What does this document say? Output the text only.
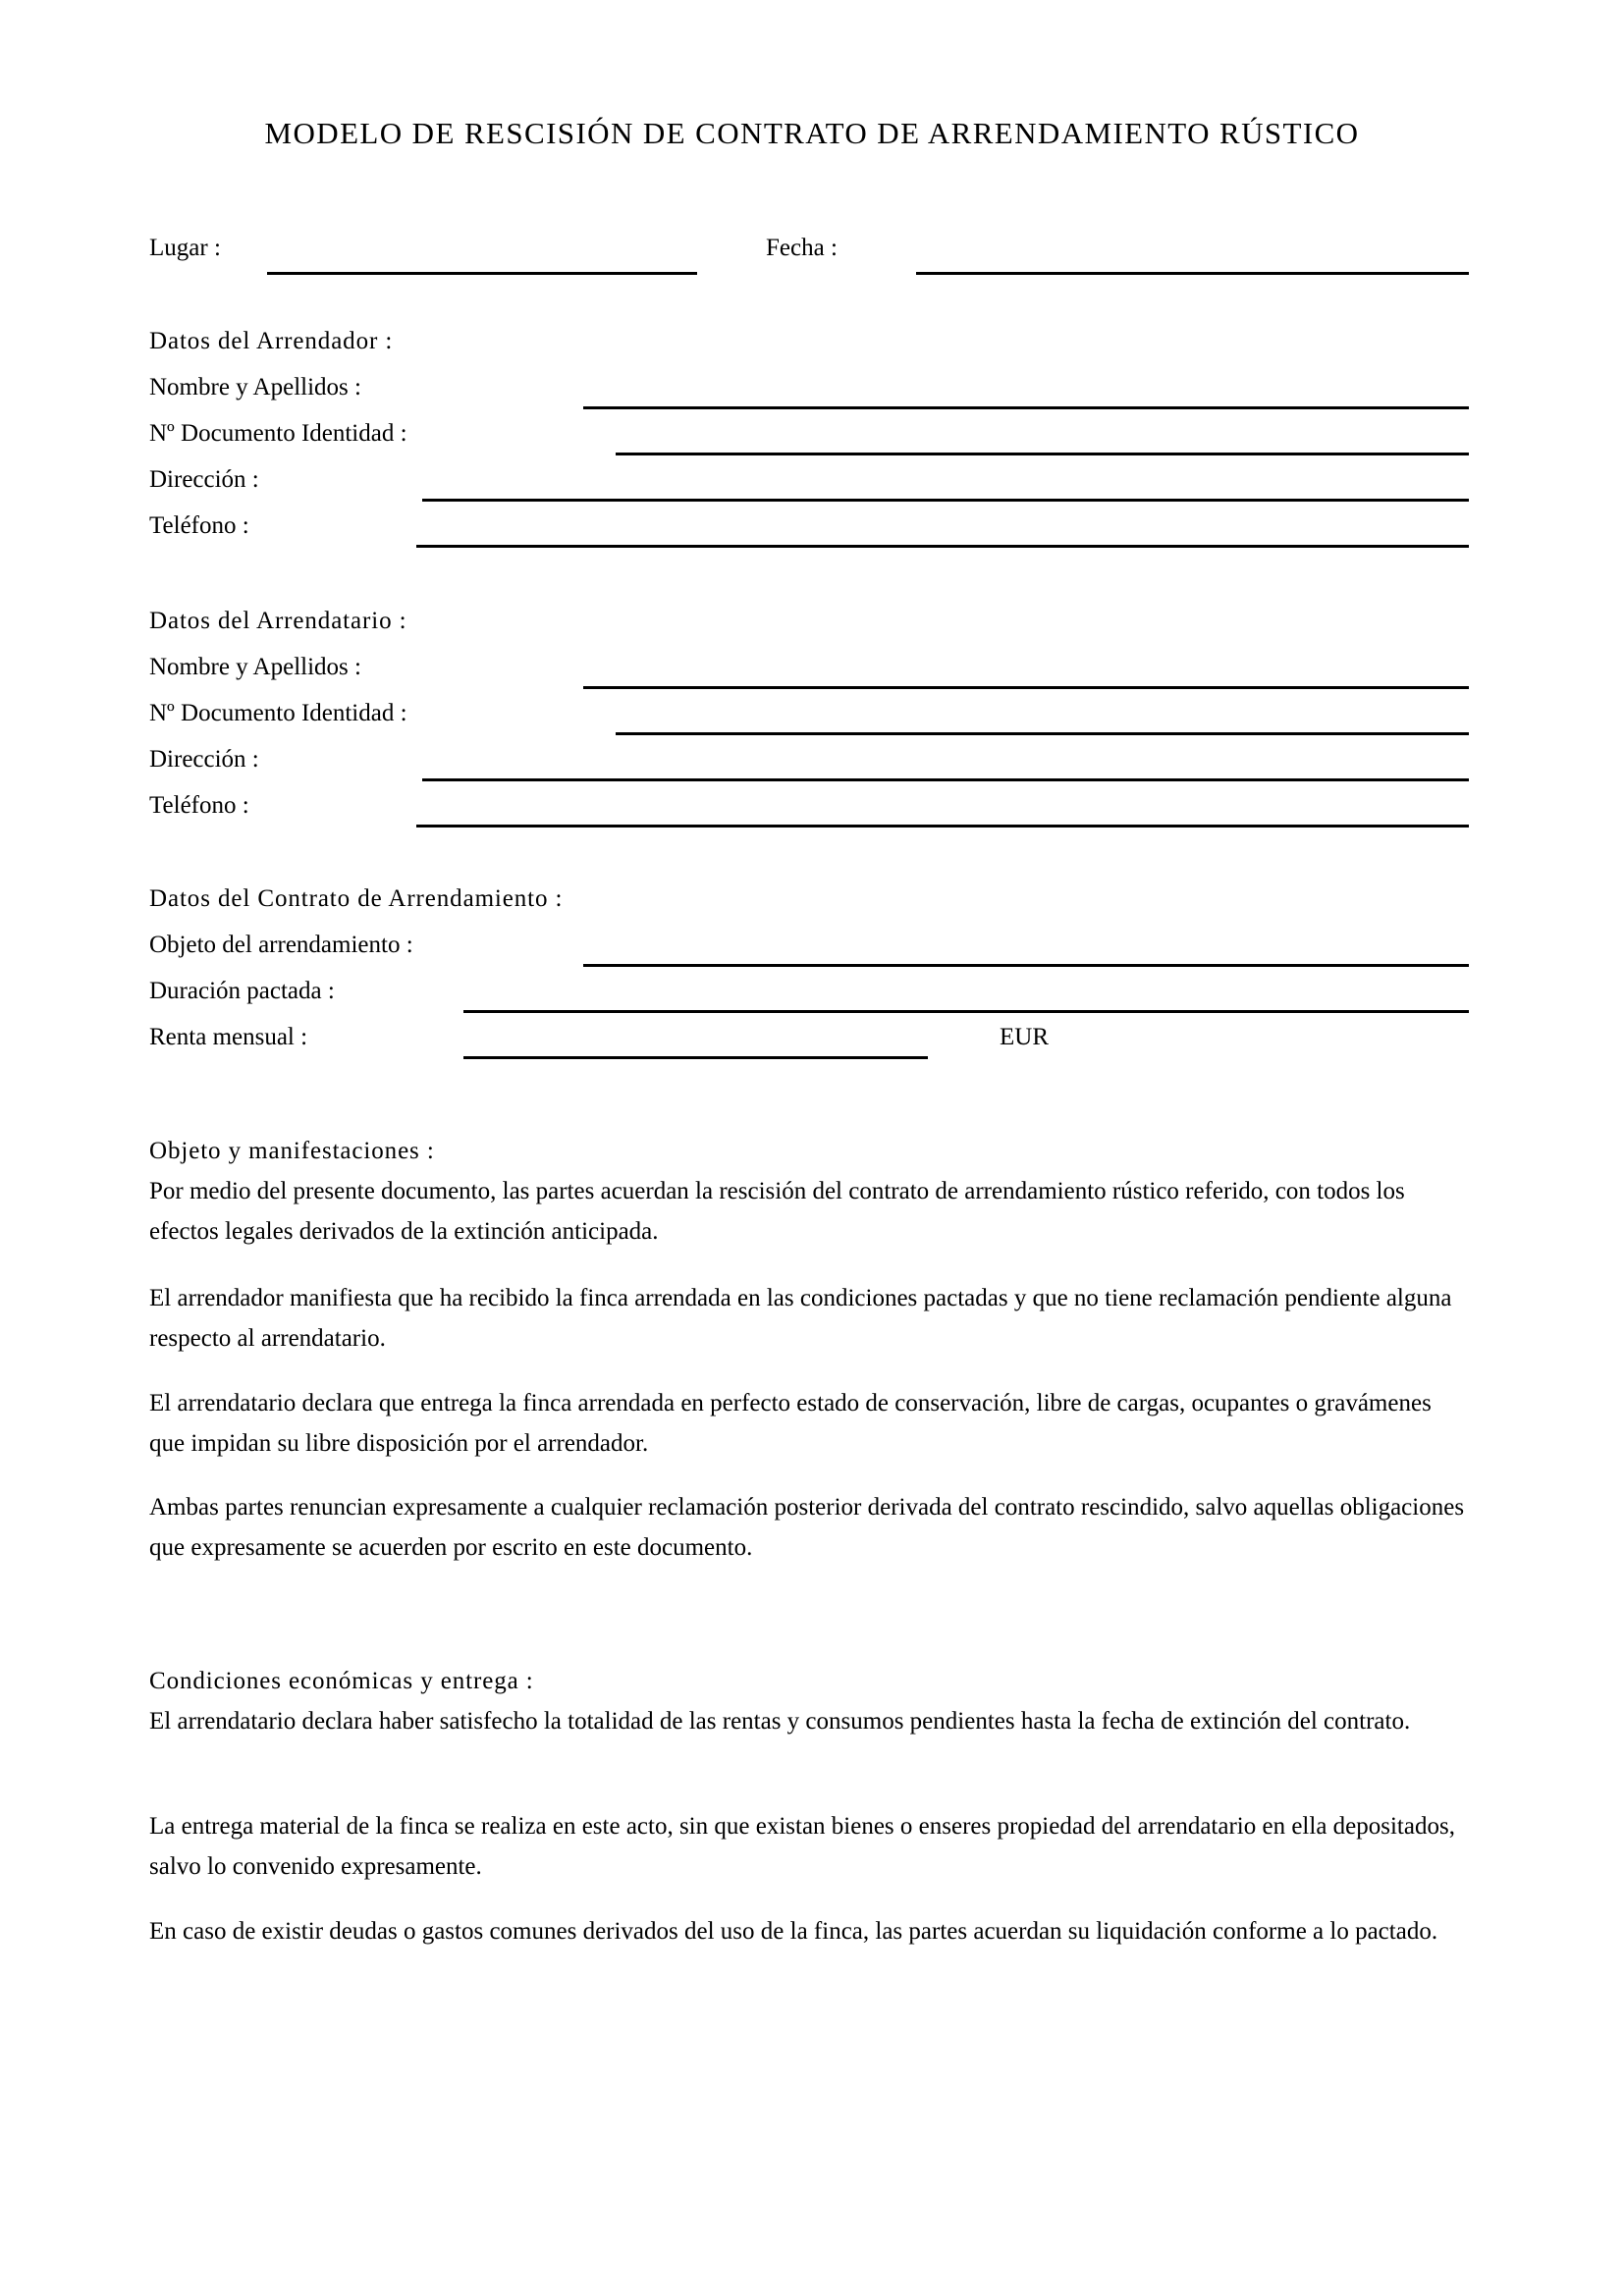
MODELO DE RESCISIÓN DE CONTRATO DE ARRENDAMIENTO RÚSTICO
Lugar :	Fecha :
Datos del Arrendador :
Nombre y Apellidos :
Nº Documento Identidad :
Dirección :
Teléfono :
Datos del Arrendatario :
Nombre y Apellidos :
Nº Documento Identidad :
Dirección :
Teléfono :
Datos del Contrato de Arrendamiento :
Objeto del arrendamiento :
Duración pactada :
Renta mensual :	EUR
Objeto y manifestaciones :
Por medio del presente documento, las partes acuerdan la rescisión del contrato de arrendamiento rústico referido, con todos los efectos legales derivados de la extinción anticipada.
El arrendador manifiesta que ha recibido la finca arrendada en las condiciones pactadas y que no tiene reclamación pendiente alguna respecto al arrendatario.
El arrendatario declara que entrega la finca arrendada en perfecto estado de conservación, libre de cargas, ocupantes o gravámenes que impidan su libre disposición por el arrendador.
Ambas partes renuncian expresamente a cualquier reclamación posterior derivada del contrato rescindido, salvo aquellas obligaciones que expresamente se acuerden por escrito en este documento.
Condiciones económicas y entrega :
El arrendatario declara haber satisfecho la totalidad de las rentas y consumos pendientes hasta la fecha de extinción del contrato.
La entrega material de la finca se realiza en este acto, sin que existan bienes o enseres propiedad del arrendatario en ella depositados, salvo lo convenido expresamente.
En caso de existir deudas o gastos comunes derivados del uso de la finca, las partes acuerdan su liquidación conforme a lo pactado.
